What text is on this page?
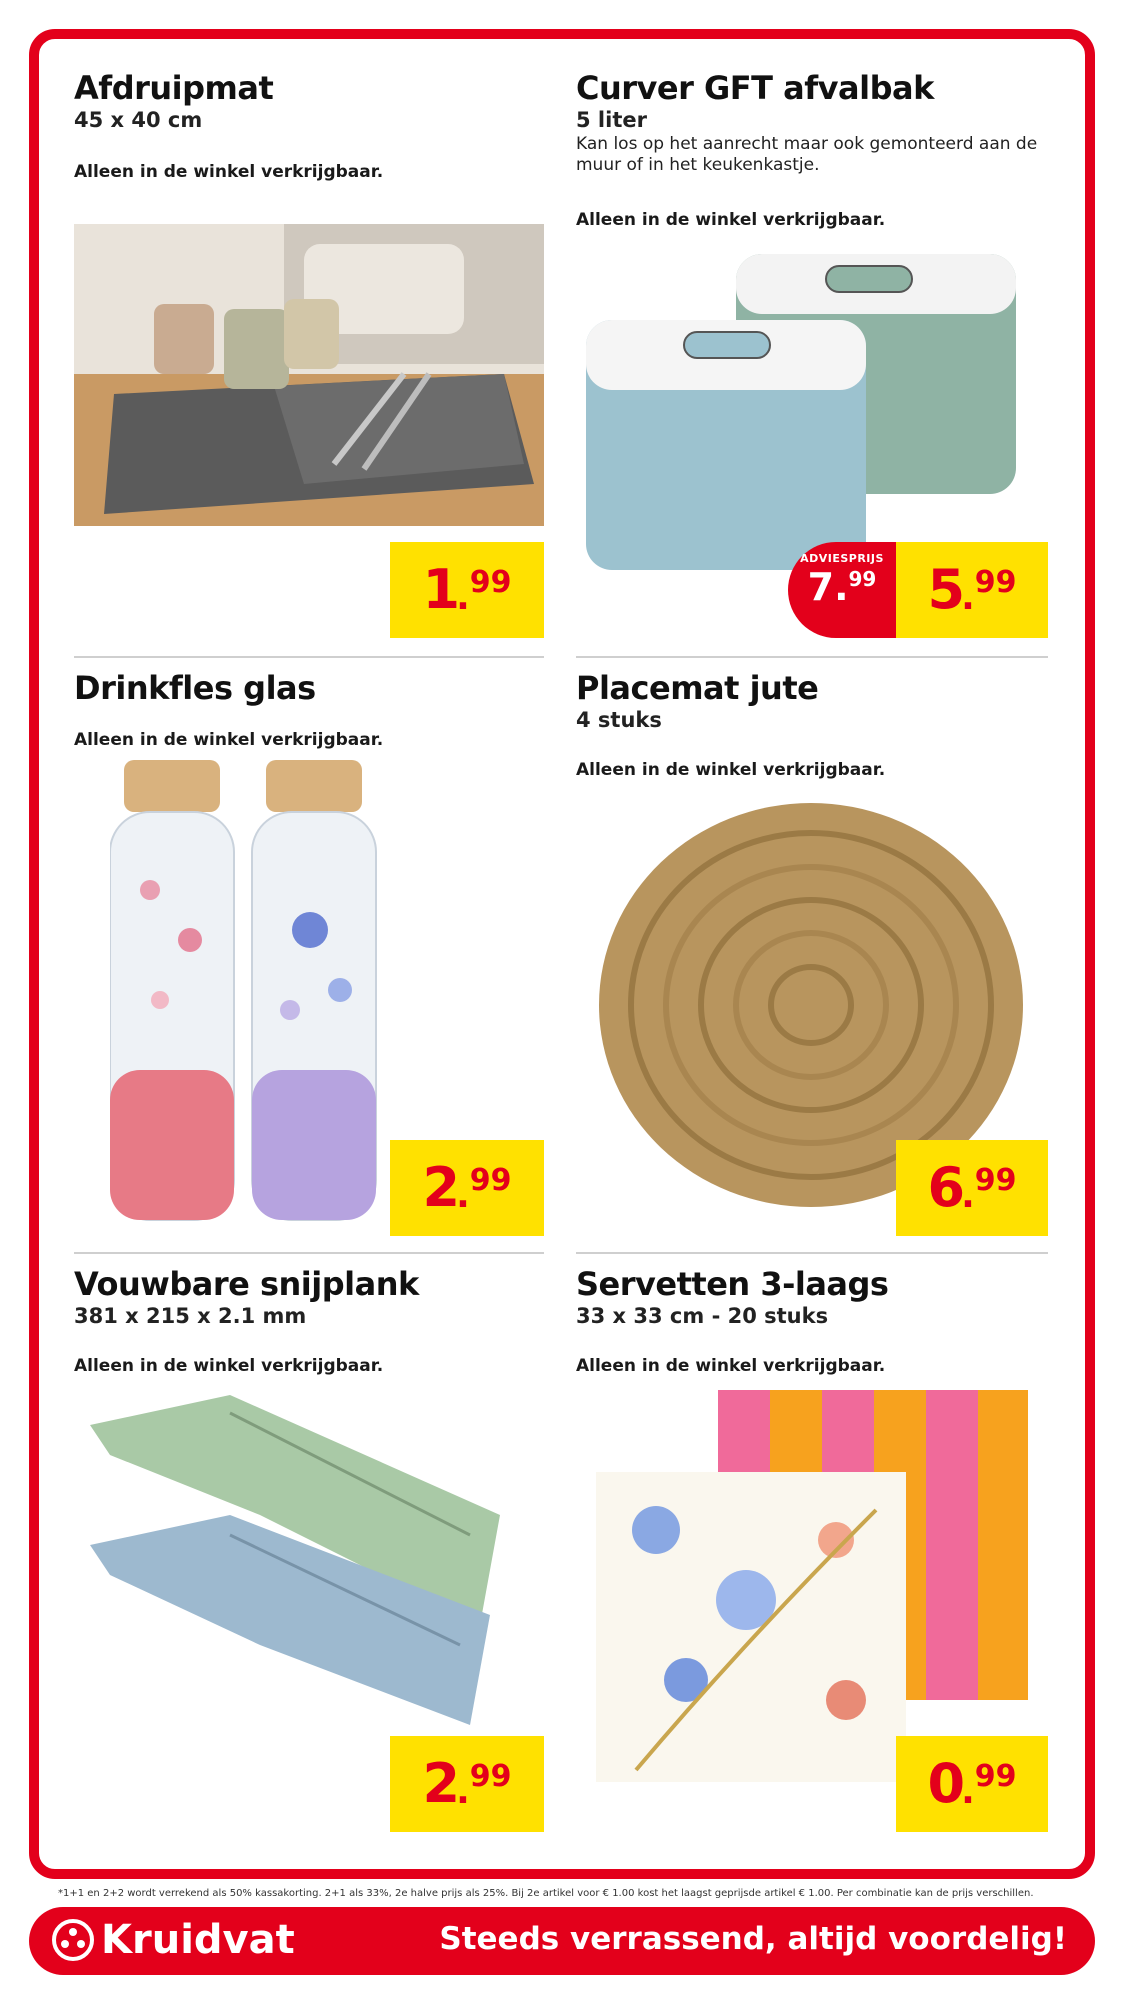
Afdruipmat
45 x 40 cm
Alleen in de winkel verkrijgbaar.
1
. 99
Curver GFT afvalbak
5 liter
Kan los op het aanrecht maar ook gemonteerd aan de muur of in het keukenkastje.
Alleen in de winkel verkrijgbaar.
ADVIESPRIJS
7.99 5
. 99
Drinkfles glas
Alleen in de winkel verkrijgbaar.
2
. 99
Placemat jute
4 stuks
Alleen in de winkel verkrijgbaar.
6
. 99
Vouwbare snijplank
381 x 215 x 2.1 mm
Alleen in de winkel verkrijgbaar.
2
. 99
Servetten 3-laags
33 x 33 cm - 20 stuks
Alleen in de winkel verkrijgbaar.
0
. 99
*1+1 en 2+2 wordt verrekend als 50% kassakorting. 2+1 als 33%, 2e halve prijs als 25%. Bij 2e artikel voor € 1.00 kost het laagst geprijsde artikel € 1.00. Per combinatie kan de prijs verschillen.
Kruidvat	Steeds verrassend, altijd voordelig!
